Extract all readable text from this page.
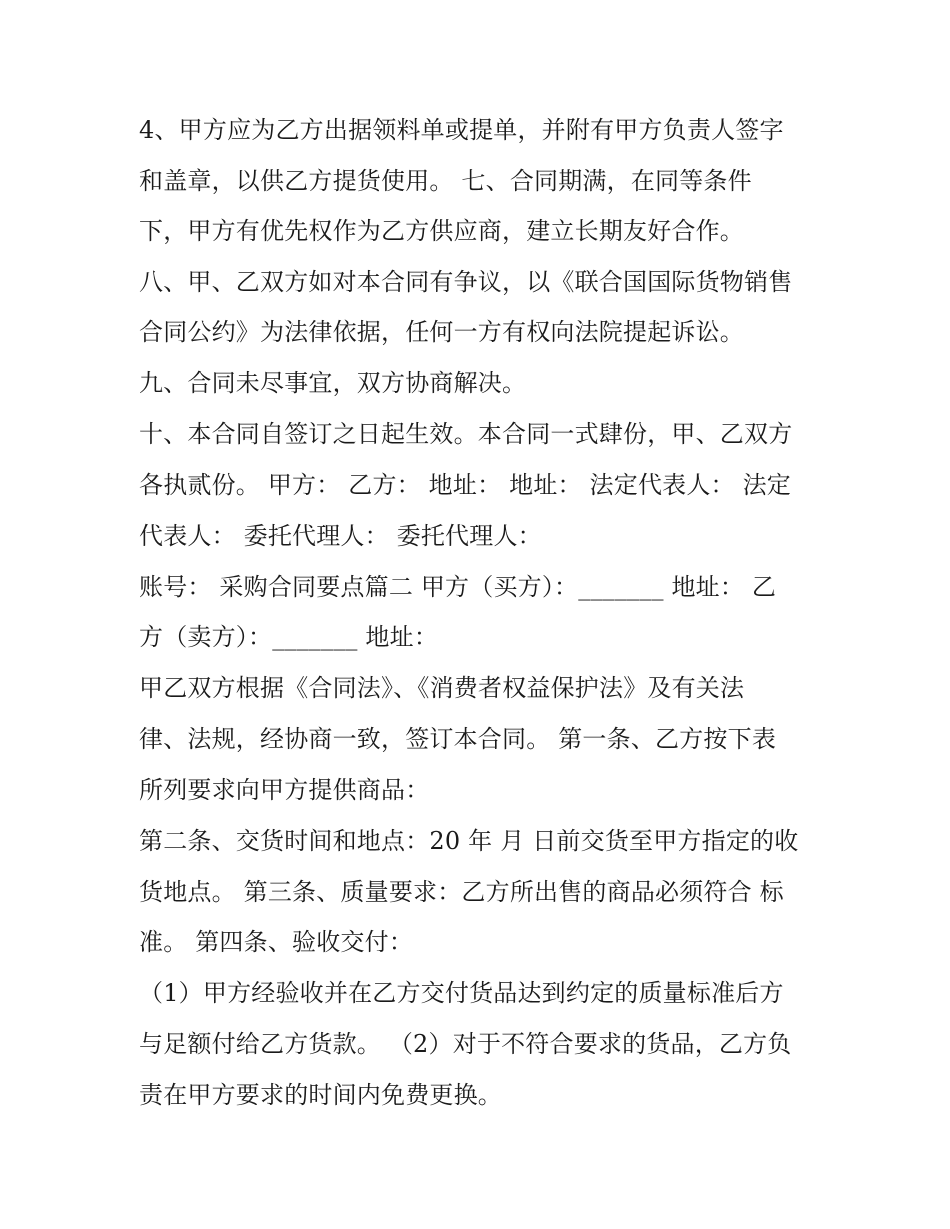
4、甲方应为乙方出据领料单或提单，并附有甲方负责人签字

和盖章，以供乙方提货使用。 七、合同期满，在同等条件

下，甲方有优先权作为乙方供应商，建立长期友好合作。

八、甲、乙双方如对本合同有争议，以《联合国国际货物销售

合同公约》为法律依据，任何一方有权向法院提起诉讼。

九、合同未尽事宜，双方协商解决。

十、本合同自签订之日起生效。本合同一式肆份，甲、乙双方

各执贰份。 甲方： 乙方： 地址： 地址： 法定代表人： 法定

代表人： 委托代理人： 委托代理人：

账号： 采购合同要点篇二 甲方（买方）：_______ 地址： 乙

方（卖方）：_______ 地址：

甲乙双方根据《合同法》、《消费者权益保护法》及有关法

律、法规，经协商一致，签订本合同。 第一条、乙方按下表

所列要求向甲方提供商品：

第二条、交货时间和地点：20 年 月 日前交货至甲方指定的收

货地点。 第三条、质量要求：乙方所出售的商品必须符合 标

准。 第四条、验收交付：

（1）甲方经验收并在乙方交付货品达到约定的质量标准后方

与足额付给乙方货款。 （2）对于不符合要求的货品，乙方负

责在甲方要求的时间内免费更换。
